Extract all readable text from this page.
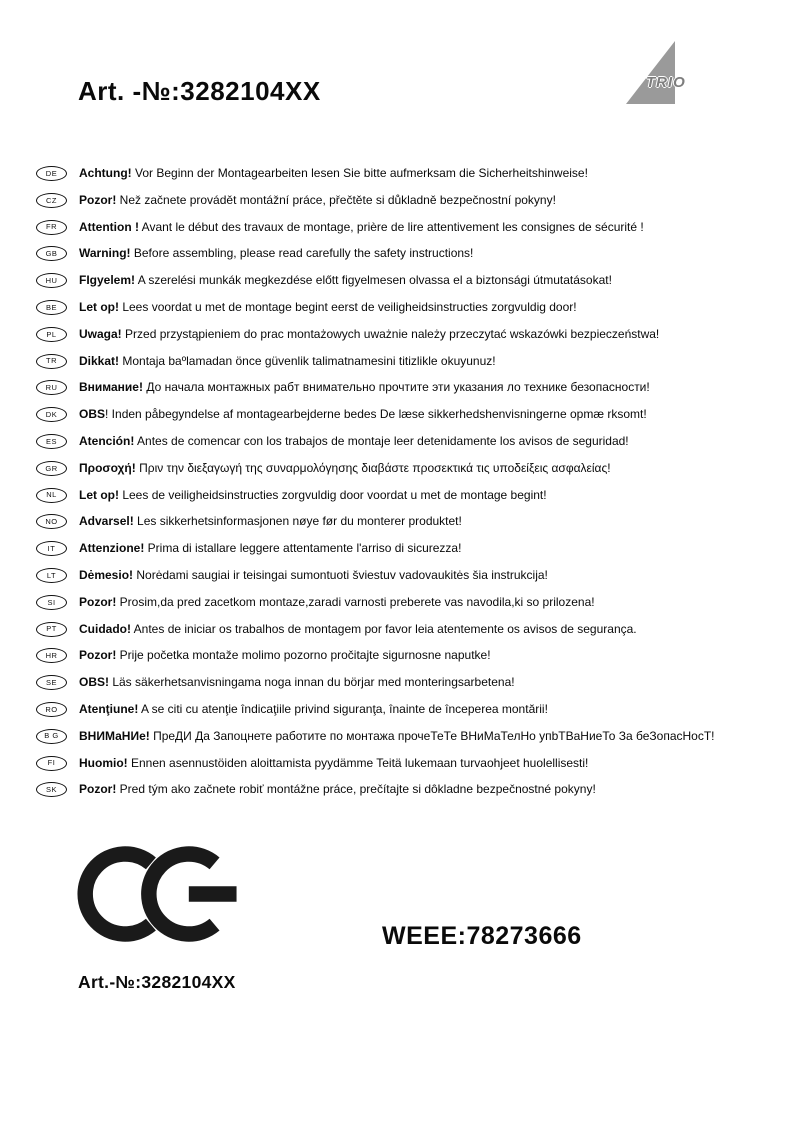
Art. -№:3282104XX	TRIO
DE Achtung! Vor Beginn der Montagearbeiten lesen Sie bitte aufmerksam die Sicherheitshinweise!

CZ Pozor! Než začnete provádět montážní práce, přečtěte si důkladně bezpečnostní pokyny!

FR Attention ! Avant le début des travaux de montage, prière de lire attentivement les consignes de sécurité !

GB Warning! Before assembling, please read carefully the safety instructions!

HU FIgyelem! A szerelési munkák megkezdése előtt figyelmesen olvassa el a biztonsági útmutatásokat!

BE Let op! Lees voordat u met de montage begint eerst de veiligheidsinstructies zorgvuldig door!

PL Uwaga! Przed przystąpieniem do prac montażowych uważnie należy przeczytać wskazówki bezpieczeństwa!

TR Dikkat! Montaja baºlamadan önce güvenlik talimatnamesini titizlikle okuyunuz!

RU Внимание! До начала монтажных рабт внимательно прочтите эти указания ло технике безопасности!

DK OBS! Inden påbegyndelse af montagearbejderne bedes De læse sikkerhedshenvisningerne opmæ rksomt!

ES Atención! Antes de comencar con los trabajos de montaje leer detenidamente los avisos de seguridad!

GR Προσοχή! Πριν την διεξαγωγή της συναρμολόγησης διαβάστε προσεκτικά τις υποδείξεις ασφαλείας!

NL Let op! Lees de veiligheidsinstructies zorgvuldig door voordat u met de montage begint!

NO Advarsel! Les sikkerhetsinformasjonen nøye før du monterer produktet!

IT Attenzione! Prima di istallare leggere attentamente l'arriso di sicurezza!

LT Dėmesio! Norėdami saugiai ir teisingai sumontuoti šviestuv vadovaukitės šia instrukcija!

SI Pozor! Prosim,da pred zacetkom montaze,zaradi varnosti preberete vas navodila,ki so prilozena!

PT Cuidado! Antes de iniciar os trabalhos de montagem por favor leia atentemente os avisos de segurança.

HR Pozor! Prije početka montaže molimo pozorno pročitajte sigurnosne naputke!

SE OBS! Läs säkerhetsanvisningama noga innan du börjar med monteringsarbetena!

RO Atenţiune! A se citi cu atenţie îndicaţiile privind siguranţa, înainte de începerea montării!

B G ВНИМаНИе! ПреДИ Да Запоцнете работите по монтажа прочеТеТе ВНиМаТелНо упbТВаНиеТо За беЗопасНосТ!

FI Huomio! Ennen asennustöiden aloittamista pyydämme Teitä lukemaan turvaohjeet huolellisesti!

SK Pozor! Pred tým ako začnete robiť montážne práce, prečítajte si dôkladne bezpečnostné pokyny!

WEEE:78273666
Art.-№:3282104XX
